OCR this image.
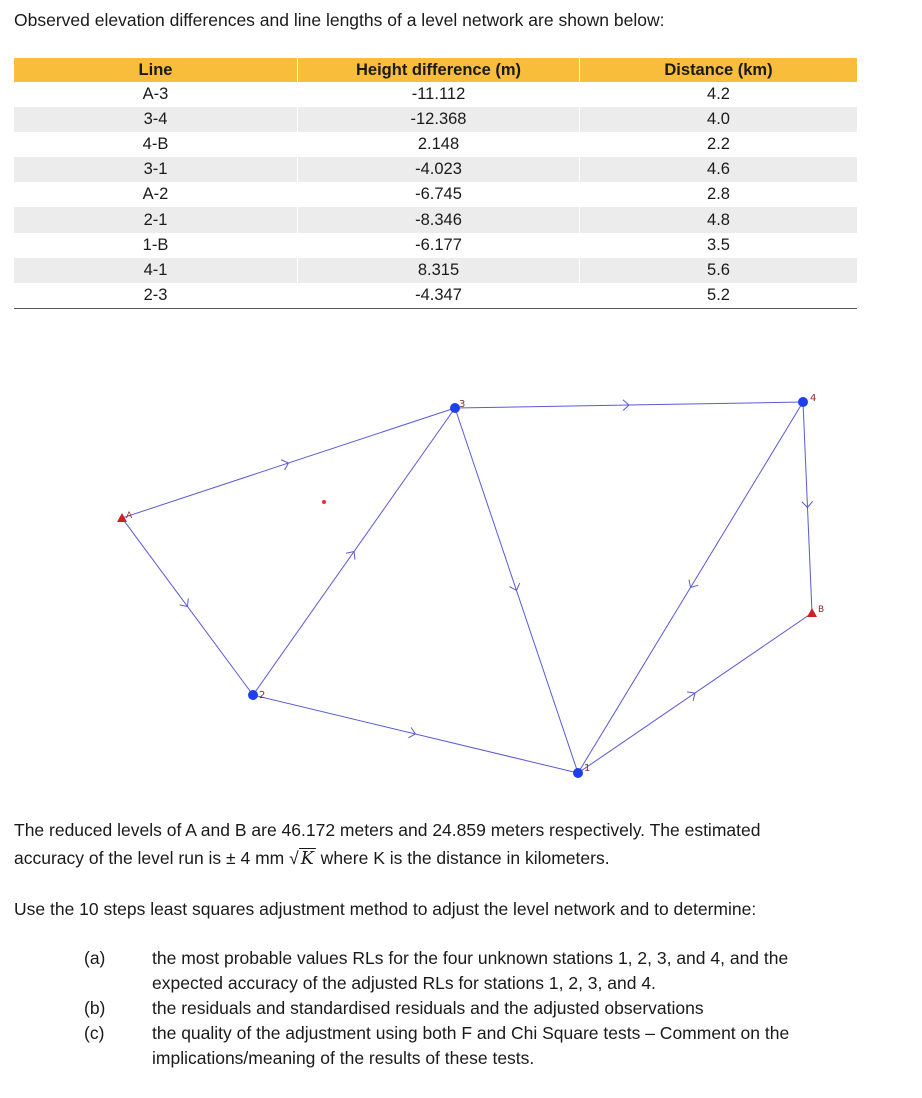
Observed elevation differences and line lengths of a level network are shown below:
Line	Height difference (m)	Distance (km)
A-3	-11.112	4.2
3-4	-12.368	4.0
4-B	2.148	2.2
3-1	-4.023	4.6
A-2	-6.745	2.8
2-1	-8.346	4.8
1-B	-6.177	3.5
4-1	8.315	5.6
2-3	-4.347	5.2
A
B
1
2
3
4
The reduced levels of A and B are 46.172 meters and 24.859 meters respectively. The estimated
accuracy of the level run is ± 4 mm √ K where K is the distance in kilometers.
Use the 10 steps least squares adjustment method to adjust the level network and to determine:
(a)	the most probable values RLs for the four unknown stations 1, 2, 3, and 4, and the
expected accuracy of the adjusted RLs for stations 1, 2, 3, and 4.
(b)	the residuals and standardised residuals and the adjusted observations
(c)	the quality of the adjustment using both F and Chi Square tests – Comment on the
implications/meaning of the results of these tests.
